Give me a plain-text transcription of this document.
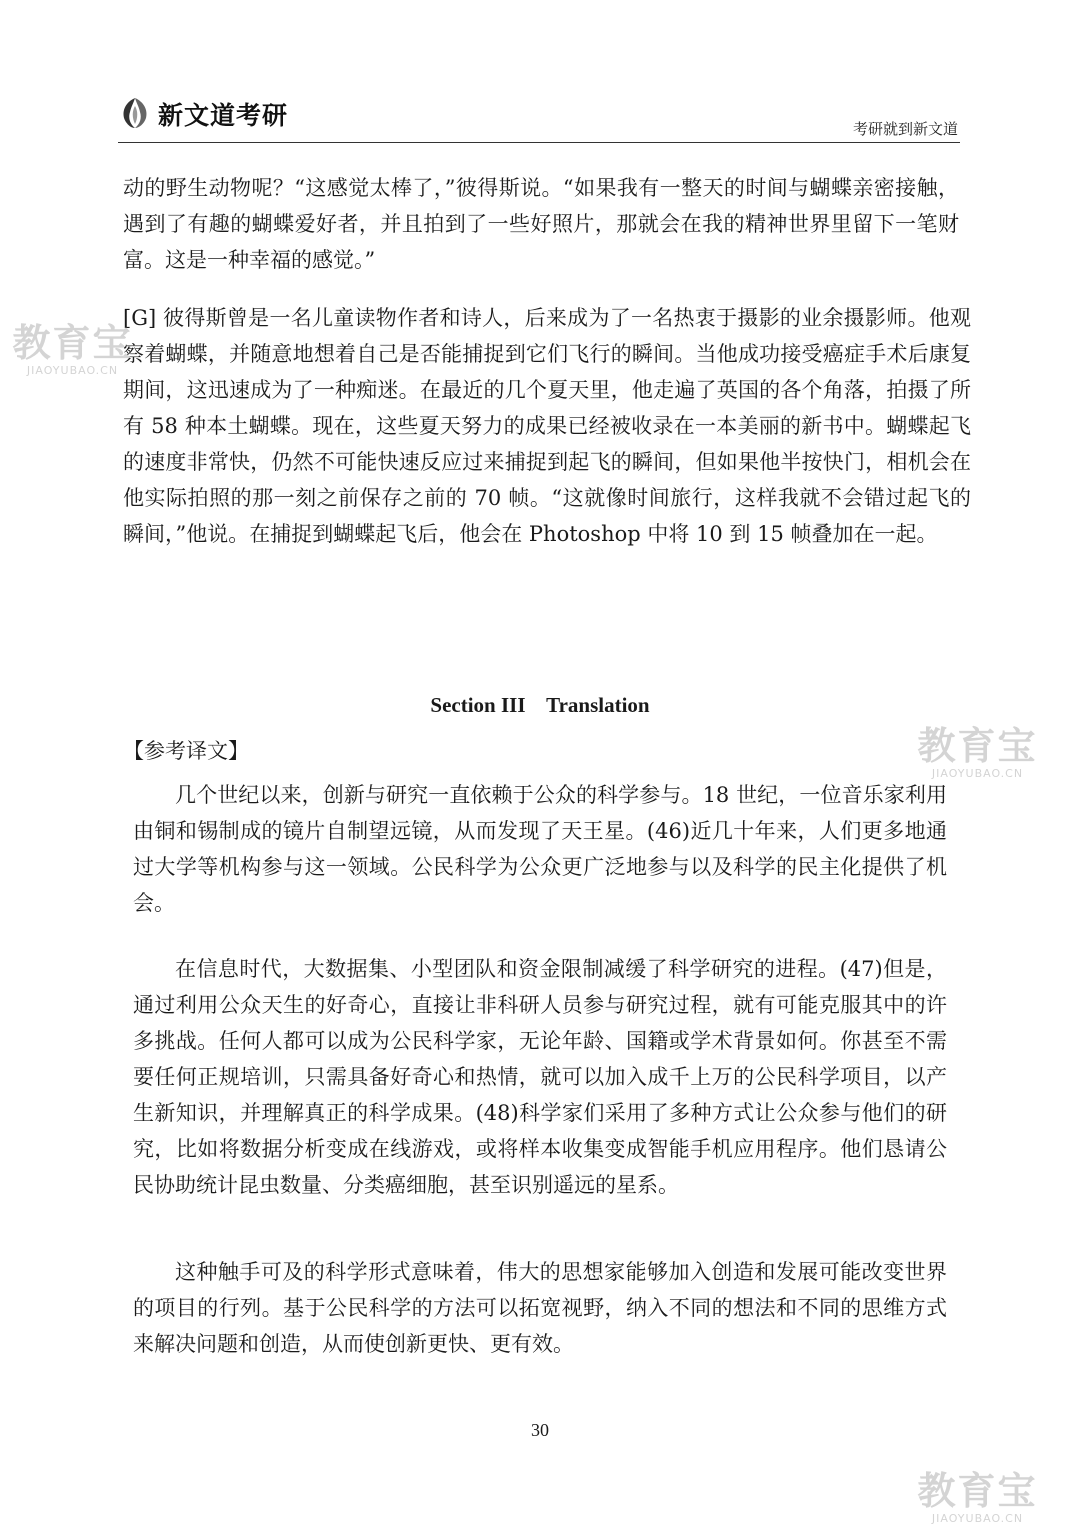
新文道考研	考研就到新文道

动的野生动物呢？“这感觉太棒了，”彼得斯说。“如果我有一整天的时间与蝴蝶亲密接触，遇到了有趣的蝴蝶爱好者，并且拍到了一些好照片，那就会在我的精神世界里留下一笔财富。这是一种幸福的感觉。”

[G] 彼得斯曾是一名儿童读物作者和诗人，后来成为了一名热衷于摄影的业余摄影师。他观察着蝴蝶，并随意地想着自己是否能捕捉到它们飞行的瞬间。当他成功接受癌症手术后康复期间，这迅速成为了一种痴迷。在最近的几个夏天里，他走遍了英国的各个角落，拍摄了所有 58 种本土蝴蝶。现在，这些夏天努力的成果已经被收录在一本美丽的新书中。蝴蝶起飞的速度非常快，仍然不可能快速反应过来捕捉到起飞的瞬间，但如果他半按快门，相机会在他实际拍照的那一刻之前保存之前的 70 帧。“这就像时间旅行，这样我就不会错过起飞的瞬间，”他说。在捕捉到蝴蝶起飞后，他会在 Photoshop 中将 10 到 15 帧叠加在一起。

Section III    Translation
【参考译文】

几个世纪以来，创新与研究一直依赖于公众的科学参与。18 世纪，一位音乐家利用由铜和锡制成的镜片自制望远镜，从而发现了天王星。(46)近几十年来，人们更多地通过大学等机构参与这一领域。公民科学为公众更广泛地参与以及科学的民主化提供了机会。

在信息时代，大数据集、小型团队和资金限制减缓了科学研究的进程。(47)但是，通过利用公众天生的好奇心，直接让非科研人员参与研究过程，就有可能克服其中的许多挑战。任何人都可以成为公民科学家，无论年龄、国籍或学术背景如何。你甚至不需要任何正规培训，只需具备好奇心和热情，就可以加入成千上万的公民科学项目，以产生新知识，并理解真正的科学成果。(48)科学家们采用了多种方式让公众参与他们的研究，比如将数据分析变成在线游戏，或将样本收集变成智能手机应用程序。他们恳请公民协助统计昆虫数量、分类癌细胞，甚至识别遥远的星系。

这种触手可及的科学形式意味着，伟大的思想家能够加入创造和发展可能改变世界的项目的行列。基于公民科学的方法可以拓宽视野，纳入不同的想法和不同的思维方式来解决问题和创造，从而使创新更快、更有效。

30
教育宝
JIAOYUBAO.CN
教育宝
JIAOYUBAO.CN
教育宝
JIAOYUBAO.CN
